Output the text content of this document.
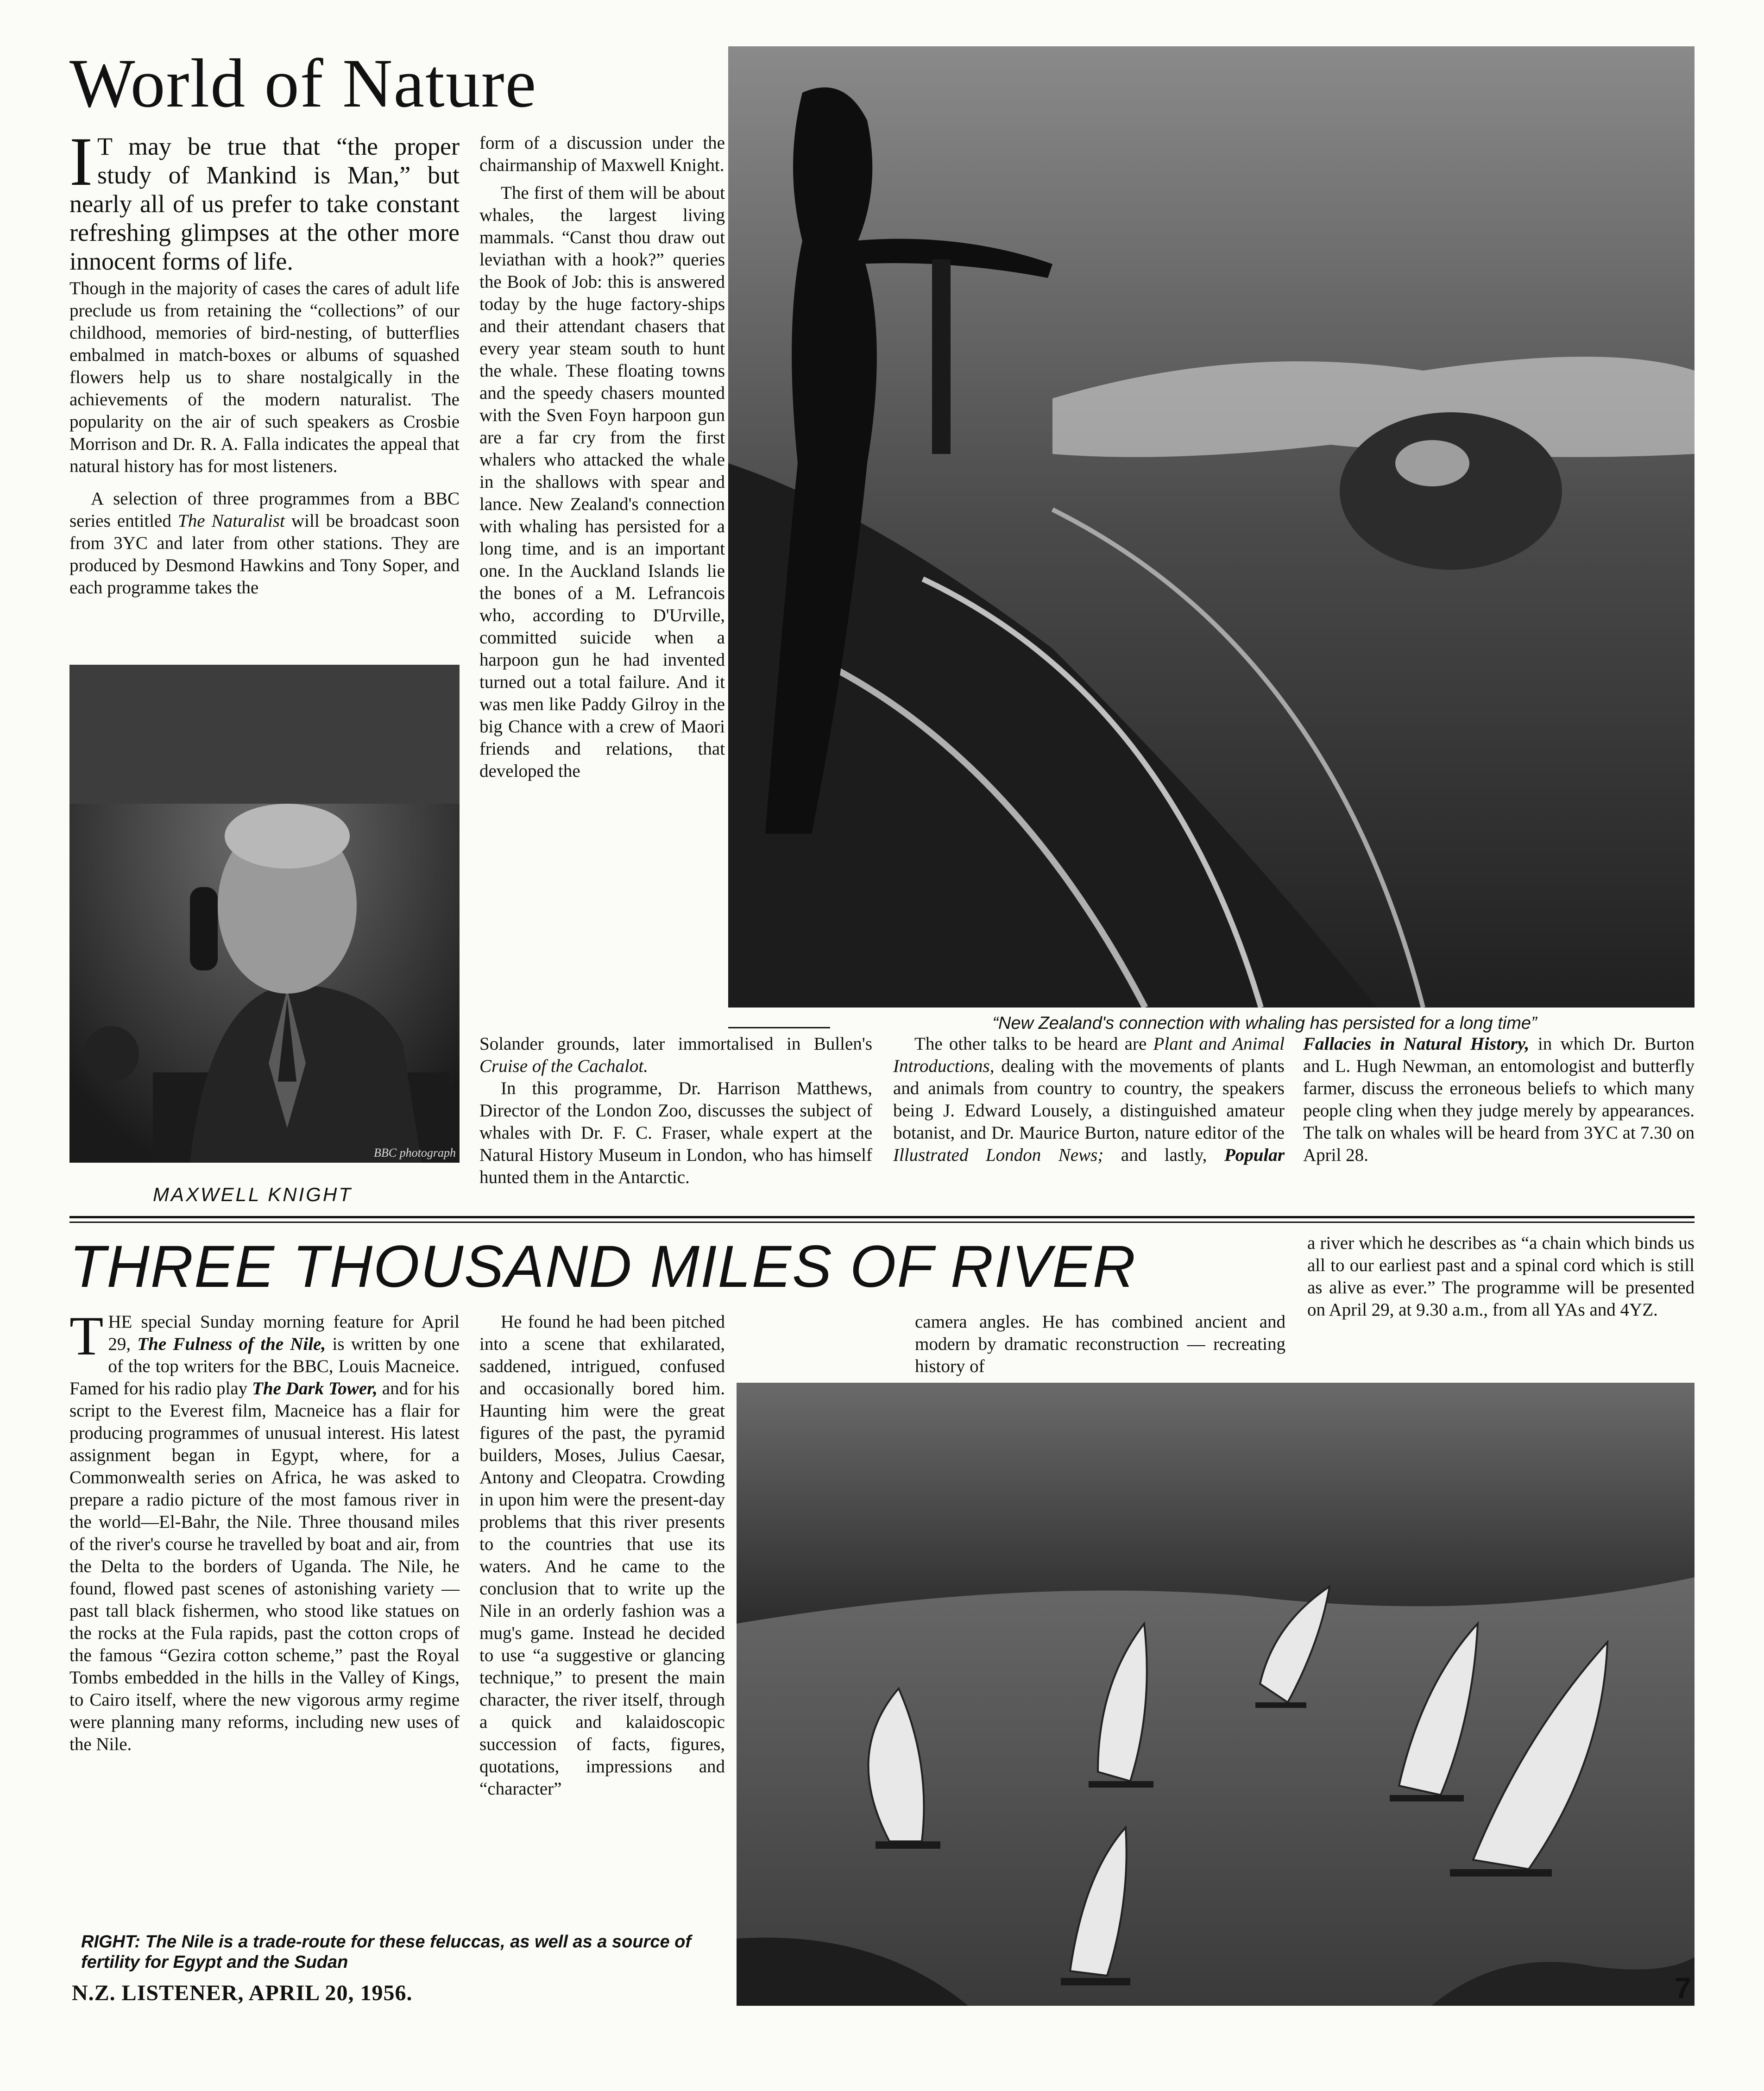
World of Nature
I T may be true that “the proper study of Mankind is Man,” but nearly all of us prefer to take constant refreshing glimpses at the other more innocent forms of life.

Though in the majority of cases the cares of adult life preclude us from retaining the “collections” of our childhood, memories of bird-nesting, of butterflies embalmed in match-boxes or albums of squashed flowers help us to share nostalgically in the achievements of the modern naturalist. The popularity on the air of such speakers as Crosbie Morrison and Dr. R. A. Falla indicates the appeal that natural history has for most listeners.

A selection of three programmes from a BBC series entitled The Naturalist will be broadcast soon from 3YC and later from other stations. They are produced by Desmond Hawkins and Tony Soper, and each programme takes the

BBC photograph
MAXWELL KNIGHT

form of a discussion under the chairmanship of Maxwell Knight.

The first of them will be about whales, the largest living mammals. “Canst thou draw out leviathan with a hook?” queries the Book of Job: this is answered today by the huge factory-ships and their attendant chasers that every year steam south to hunt the whale. These floating towns and the speedy chasers mounted with the Sven Foyn harpoon gun are a far cry from the first whalers who attacked the whale in the shallows with spear and lance. New Zealand's connection with whaling has persisted for a long time, and is an important one. In the Auckland Islands lie the bones of a M. Lefrancois who, according to D'Urville, committed suicide when a harpoon gun he had invented turned out a total failure. And it was men like Paddy Gilroy in the big Chance with a crew of Maori friends and relations, that developed the

“New Zealand's connection with whaling has persisted for a long time”

Solander grounds, later immortalised in Bullen's Cruise of the Cachalot.

In this programme, Dr. Harrison Matthews, Director of the London Zoo, discusses the subject of whales with Dr. F. C. Fraser, whale expert at the Natural History Museum in London, who has himself hunted them in the Antarctic.

The other talks to be heard are Plant and Animal Introductions, dealing with the movements of plants and animals from country to country, the speakers being J. Edward Lousely, a distinguished amateur botanist, and Dr. Maurice Burton, nature editor of the Illustrated London News; and lastly, Popular Fallacies in Natural History, in which Dr. Burton and L. Hugh Newman, an entomologist and butterfly farmer, discuss the erroneous beliefs to which many people cling when they judge merely by appearances. The talk on whales will be heard from 3YC at 7.30 on April 28.

THREE THOUSAND MILES OF RIVER	a river which he describes as “a chain which binds us all to our earliest past and a spinal cord which is still as alive as ever.” The programme will be presented on April 29, at 9.30 a.m., from all YAs and 4YZ.

THE special Sunday morning feature for April 29, The Fulness of the Nile, is written by one of the top writers for the BBC, Louis Macneice. Famed for his radio play The Dark Tower, and for his script to the Everest film, Macneice has a flair for producing programmes of unusual interest. His latest assignment began in Egypt, where, for a Commonwealth series on Africa, he was asked to prepare a radio picture of the most famous river in the world—El-Bahr, the Nile. Three thousand miles of the river's course he travelled by boat and air, from the Delta to the borders of Uganda. The Nile, he found, flowed past scenes of astonishing variety — past tall black fishermen, who stood like statues on the rocks at the Fula rapids, past the cotton crops of the famous “Gezira cotton scheme,” past the Royal Tombs embedded in the hills in the Valley of Kings, to Cairo itself, where the new vigorous army regime were planning many reforms, including new uses of the Nile.

He found he had been pitched into a scene that exhilarated, saddened, intrigued, confused and occasionally bored him. Haunting him were the great figures of the past, the pyramid builders, Moses, Julius Caesar, Antony and Cleopatra. Crowding in upon him were the present-day problems that this river presents to the countries that use its waters. And he came to the conclusion that to write up the Nile in an orderly fashion was a mug's game. Instead he decided to use “a suggestive or glancing technique,” to present the main character, the river itself, through a quick and kalaidoscopic succession of facts, figures, quotations, impressions and “character”

camera angles. He has combined ancient and modern by dramatic reconstruction — recreating history of

RIGHT: The Nile is a trade-route for these feluccas, as well as a source of fertility for Egypt and the Sudan
N.Z. LISTENER, APRIL 20, 1956.	7
